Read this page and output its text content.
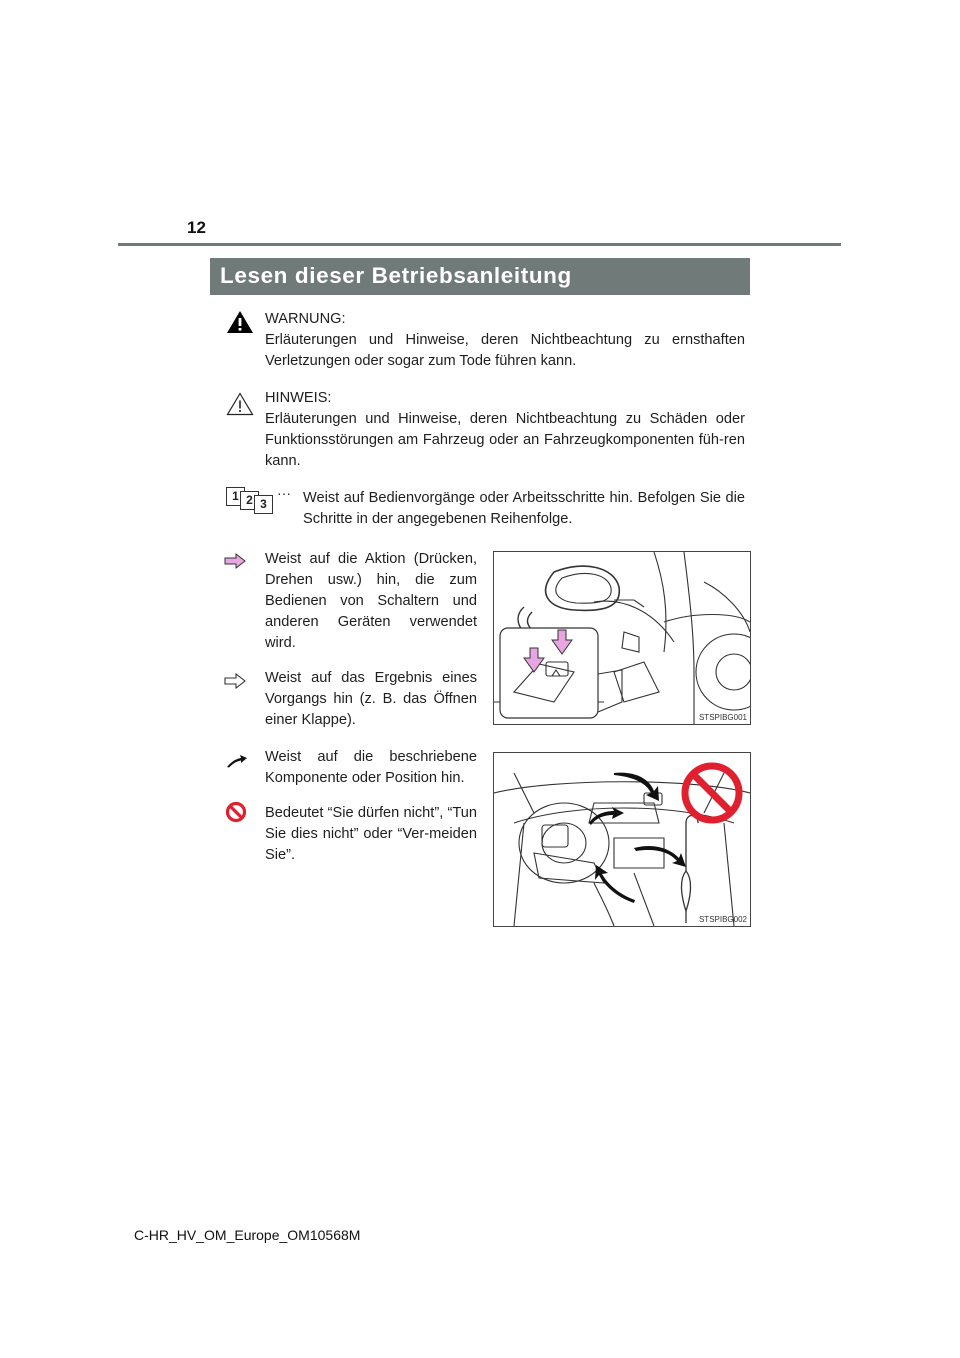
12
Lesen dieser Betriebsanleitung
WARNUNG:
Erläuterungen und Hinweise, deren Nichtbeachtung zu ernsthaften Verletzungen oder sogar zum Tode führen kann.
HINWEIS:
Erläuterungen und Hinweise, deren Nichtbeachtung zu Schäden oder Funktionsstörungen am Fahrzeug oder an Fahrzeugkomponenten füh-ren kann.
1 2 3
··· Weist auf Bedienvorgänge oder Arbeitsschritte hin. Befolgen Sie die Schritte in der angegebenen Reihenfolge.
Weist auf die Aktion (Drücken, Drehen usw.) hin, die zum Bedienen von Schaltern und anderen Geräten verwendet wird.
Weist auf das Ergebnis eines Vorgangs hin (z. B. das Öffnen einer Klappe).
Weist auf die beschriebene Komponente oder Position hin.
Bedeutet “Sie dürfen nicht”, “Tun Sie dies nicht” oder “Ver-meiden Sie”.
STSPIBG001
STSPIBG002
C-HR_HV_OM_Europe_OM10568M
